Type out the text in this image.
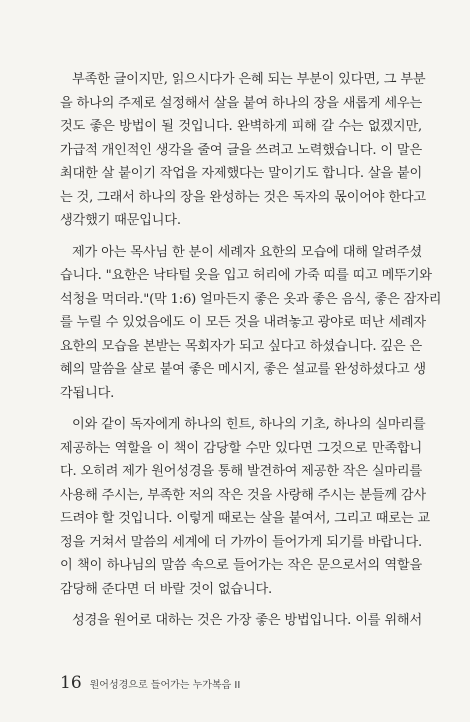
부족한 글이지만, 읽으시다가 은혜 되는 부분이 있다면, 그 부분
을 하나의 주제로 설정해서 살을 붙여 하나의 장을 새롭게 세우는
것도 좋은 방법이 될 것입니다. 완벽하게 피해 갈 수는 없겠지만,
가급적 개인적인 생각을 줄여 글을 쓰려고 노력했습니다. 이 말은
최대한 살 붙이기 작업을 자제했다는 말이기도 합니다. 살을 붙이
는 것, 그래서 하나의 장을 완성하는 것은 독자의 몫이어야 한다고
생각했기 때문입니다.
제가 아는 목사님 한 분이 세례자 요한의 모습에 대해 알려주셨
습니다. "요한은 낙타털 옷을 입고 허리에 가죽 띠를 띠고 메뚜기와
석청을 먹더라."(막 1:6) 얼마든지 좋은 옷과 좋은 음식, 좋은 잠자리
를 누릴 수 있었음에도 이 모든 것을 내려놓고 광야로 떠난 세례자
요한의 모습을 본받는 목회자가 되고 싶다고 하셨습니다. 깊은 은
혜의 말씀을 살로 붙여 좋은 메시지, 좋은 설교를 완성하셨다고 생
각됩니다.
이와 같이 독자에게 하나의 힌트, 하나의 기초, 하나의 실마리를
제공하는 역할을 이 책이 감당할 수만 있다면 그것으로 만족합니
다. 오히려 제가 원어성경을 통해 발견하여 제공한 작은 실마리를
사용해 주시는, 부족한 저의 작은 것을 사랑해 주시는 분들께 감사
드려야 할 것입니다. 이렇게 때로는 살을 붙여서, 그리고 때로는 교
정을 거쳐서 말씀의 세계에 더 가까이 들어가게 되기를 바랍니다.
이 책이 하나님의 말씀 속으로 들어가는 작은 문으로서의 역할을
감당해 준다면 더 바랄 것이 없습니다.
성경을 원어로 대하는 것은 가장 좋은 방법입니다. 이를 위해서
16 원어성경으로 들어가는 누가복음 II
